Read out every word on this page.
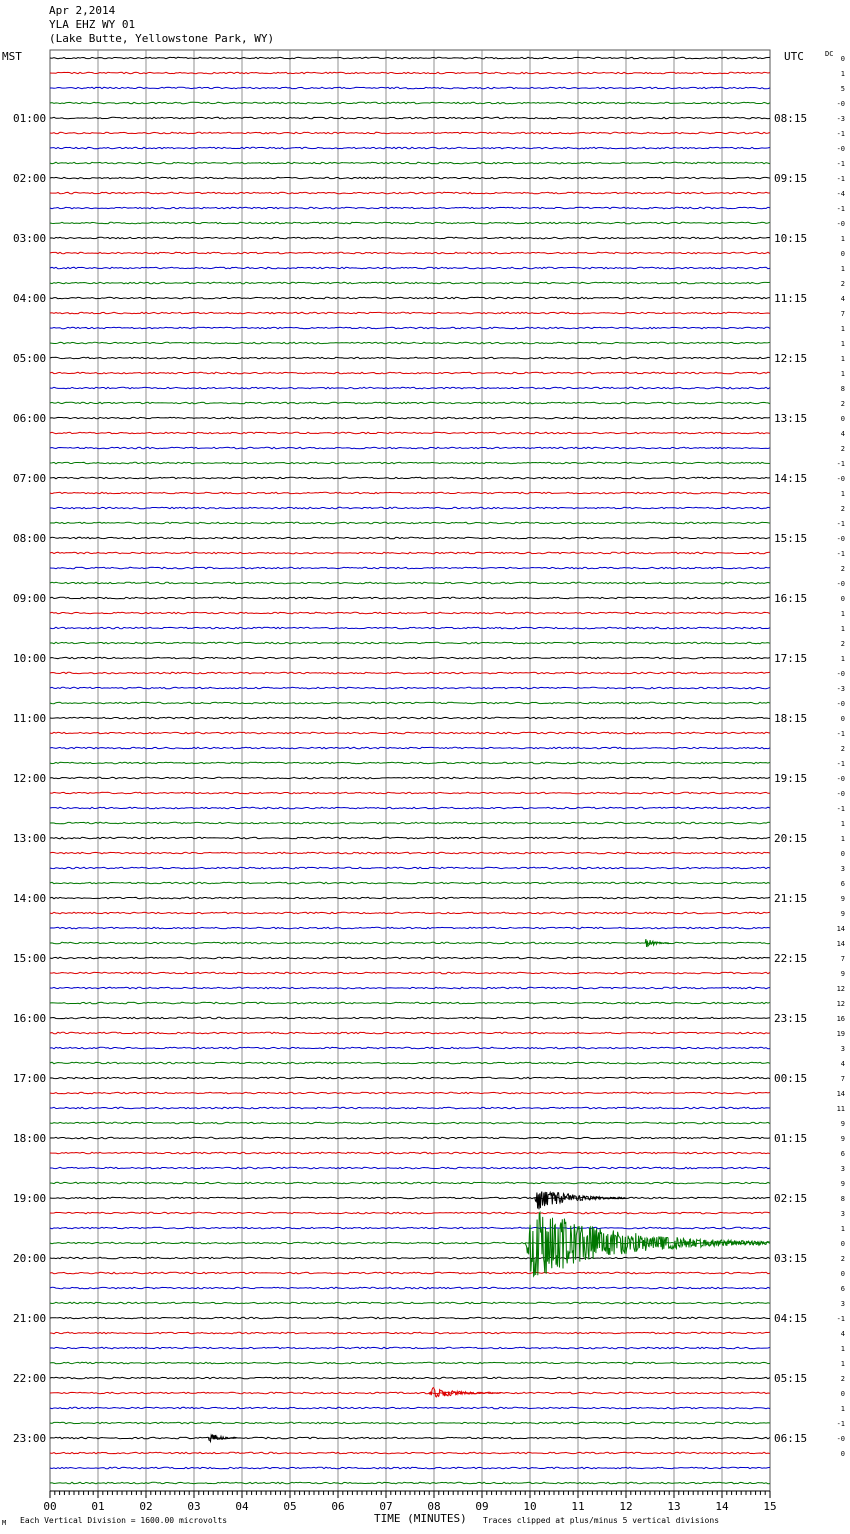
Apr 2,2014
YLA EHZ WY 01
(Lake Butte, Yellowstone Park, WY)
MST	UTC	DC
01:00
02:00
03:00
04:00
05:00
06:00
07:00
08:00
09:00
10:00
11:00
12:00
13:00
14:00
15:00
16:00
17:00
18:00
19:00
20:00
21:00
22:00
23:00
08:15
09:15
10:15
11:15
12:15
13:15
14:15
15:15
16:15
17:15
18:15
19:15
20:15
21:15
22:15
23:15
00:15
01:15
02:15
03:15
04:15
05:15
06:15
0
1
5
-0
-3
-1
-0
-1
-1
-4
-1
-0
1
0
1
2
4
7
1
1
1
1
8
2
0
4
2
-1
-0
1
2
-1
-0
-1
2
-0
0
1
1
2
1
-0
-3
-0
0
-1
2
-1
-0
-0
-1
1
1
0
3
6
9
9
14
14
7
9
12
12
16
19
3
4
7
14
11
9
9
6
3
9
8
3
1
0
2
0
6
3
-1
4
1
1
2
0
1
-1
-0
0
00	01	02	03	04	05	06	07	08	09	10	11	12	13	14	15
TIME (MINUTES)
Each Vertical Division = 1600.00 microvolts	Traces clipped at plus/minus 5 vertical divisions
M
